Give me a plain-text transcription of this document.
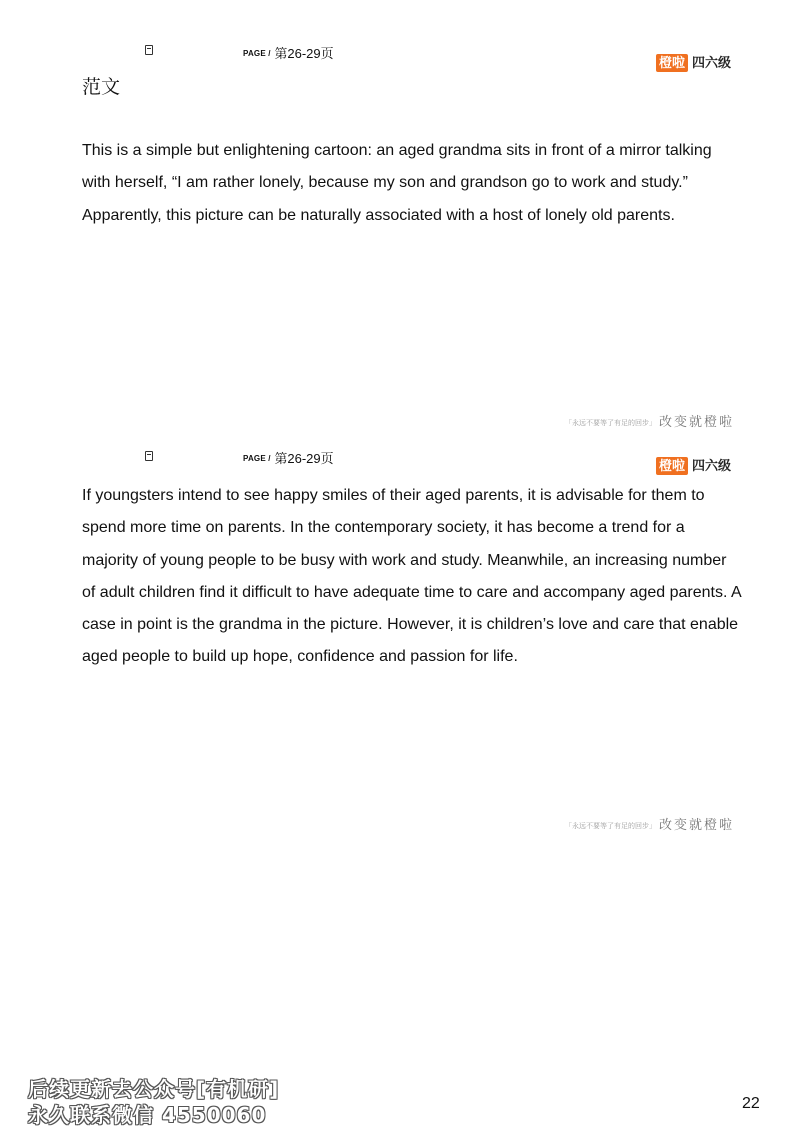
PAGE / 第26-29页
橙啦 四六级
范文

This is a simple but enlightening cartoon: an aged grandma sits in front of a mirror talking with herself, “I am rather lonely, because my son and grandson go to work and study.” Apparently, this picture can be naturally associated with a host of lonely old parents.

「永远不要等了有足的回步」 改变就橙啦
PAGE / 第26-29页	橙啦 四六级

If youngsters intend to see happy smiles of their aged parents, it is advisable for them to spend more time on parents. In the contemporary society, it has become a trend for a majority of young people to be busy with work and study. Meanwhile, an increasing number of adult children find it difficult to have adequate time to care and accompany aged parents. A case in point is the grandma in the picture. However, it is children’s love and care that enable aged people to build up hope, confidence and passion for life.

「永远不要等了有足的回步」 改变就橙啦
后续更新去公众号[有机研]
永久联系微信 4550060	22
